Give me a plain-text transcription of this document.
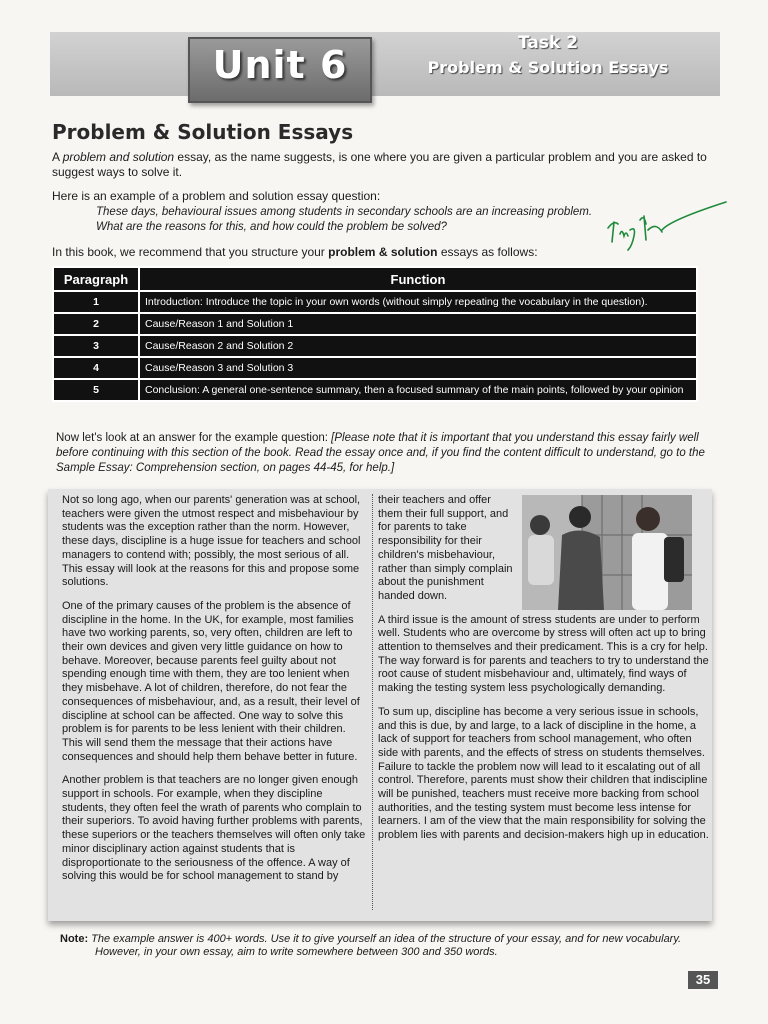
Unit 6	Task 2
Problem & Solution Essays
Problem & Solution Essays
A problem and solution essay, as the name suggests, is one where you are given a particular problem and you are asked to suggest ways to solve it.
Here is an example of a problem and solution essay question:
These days, behavioural issues among students in secondary schools are an increasing problem.
What are the reasons for this, and how could the problem be solved?
In this book, we recommend that you structure your problem & solution essays as follows:
Paragraph	Function
1	Introduction: Introduce the topic in your own words (without simply repeating the vocabulary in the question).
2	Cause/Reason 1 and Solution 1
3	Cause/Reason 2 and Solution 2
4	Cause/Reason 3 and Solution 3
5	Conclusion: A general one-sentence summary, then a focused summary of the main points, followed by your opinion
Now let's look at an answer for the example question: [Please note that it is important that you understand this essay fairly well before continuing with this section of the book. Read the essay once and, if you find the content difficult to understand, go to the Sample Essay: Comprehension section, on pages 44-45, for help.]

Not so long ago, when our parents' generation was at school, teachers were given the utmost respect and misbehaviour by students was the exception rather than the norm. However, these days, discipline is a huge issue for teachers and school managers to contend with; possibly, the most serious of all. This essay will look at the reasons for this and propose some solutions.

One of the primary causes of the problem is the absence of discipline in the home. In the UK, for example, most families have two working parents, so, very often, children are left to their own devices and given very little guidance on how to behave. Moreover, because parents feel guilty about not spending enough time with them, they are too lenient when they misbehave. A lot of children, therefore, do not fear the consequences of misbehaviour, and, as a result, their level of discipline at school can be affected. One way to solve this problem is for parents to be less lenient with their children. This will send them the message that their actions have consequences and should help them behave better in future.

Another problem is that teachers are no longer given enough support in schools. For example, when they discipline students, they often feel the wrath of parents who complain to their superiors. To avoid having further problems with parents, these superiors or the teachers themselves will often only take minor disciplinary action against students that is disproportionate to the seriousness of the offence. A way of solving this would be for school management to stand by

their teachers and offer them their full support, and for parents to take responsibility for their children's misbehaviour, rather than simply complain about the punishment handed down.

A third issue is the amount of stress students are under to perform well. Students who are overcome by stress will often act up to bring attention to themselves and their predicament. This is a cry for help. The way forward is for parents and teachers to try to understand the root cause of student misbehaviour and, ultimately, find ways of making the testing system less psychologically demanding.

To sum up, discipline has become a very serious issue in schools, and this is due, by and large, to a lack of discipline in the home, a lack of support for teachers from school management, who often side with parents, and the effects of stress on students themselves. Failure to tackle the problem now will lead to it escalating out of all control. Therefore, parents must show their children that indiscipline will be punished, teachers must receive more backing from school authorities, and the testing system must become less intense for learners. I am of the view that the main responsibility for solving the problem lies with parents and decision-makers high up in education.

Note: The example answer is 400+ words. Use it to give yourself an idea of the structure of your essay, and for new vocabulary.
However, in your own essay, aim to write somewhere between 300 and 350 words.
35
